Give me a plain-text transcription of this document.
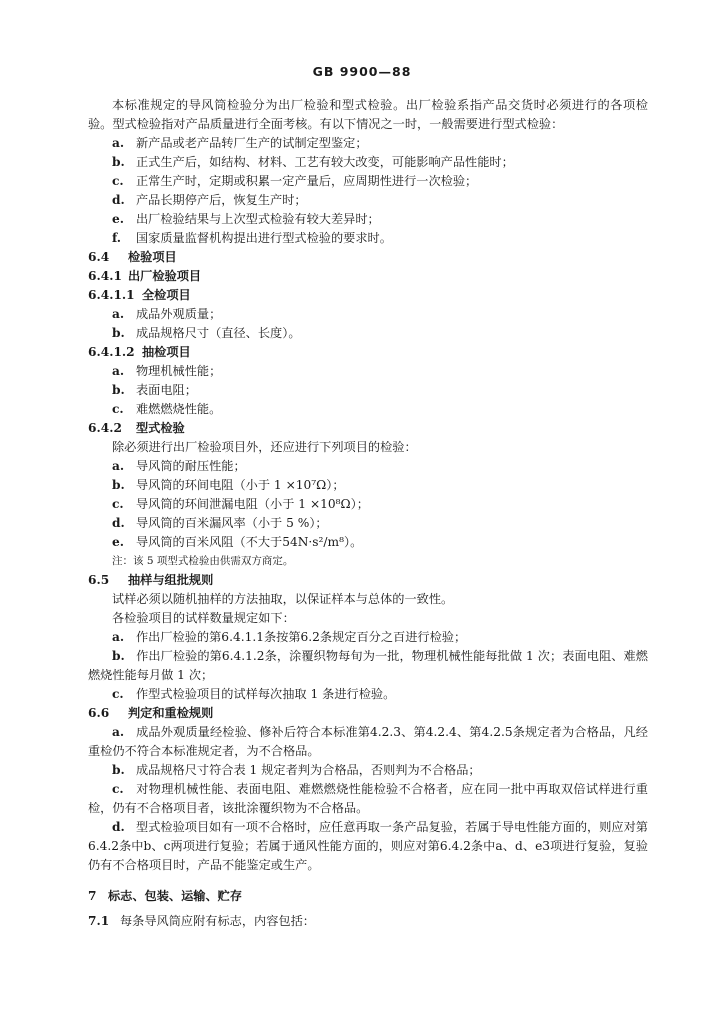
GB 9900—88
本标准规定的导风筒检验分为出厂检验和型式检验。出厂检验系指产品交货时必须进行的各项检验。型式检验指对产品质量进行全面考核。有以下情况之一时，一般需要进行型式检验：
a. 新产品或老产品转厂生产的试制定型鉴定；
b. 正式生产后，如结构、材料、工艺有较大改变，可能影响产品性能时；
c. 正常生产时，定期或积累一定产量后，应周期性进行一次检验；
d. 产品长期停产后，恢复生产时；
e. 出厂检验结果与上次型式检验有较大差异时；
f. 国家质量监督机构提出进行型式检验的要求时。
6.4 检验项目
6.4.1 出厂检验项目
6.4.1.1 全检项目
a. 成品外观质量；
b. 成品规格尺寸（直径、长度）。
6.4.1.2 抽检项目
a. 物理机械性能；
b. 表面电阻；
c. 难燃燃烧性能。
6.4.2 型式检验
除必须进行出厂检验项目外，还应进行下列项目的检验：
a. 导风筒的耐压性能；
b. 导风筒的环间电阻（小于 1 ×10⁷Ω）；
c. 导风筒的环间泄漏电阻（小于 1 ×10⁸Ω）；
d. 导风筒的百米漏风率（小于 5 %）；
e. 导风筒的百米风阻（不大于54N·s²/m⁸）。
注：该 5 项型式检验由供需双方商定。
6.5 抽样与组批规则
试样必须以随机抽样的方法抽取，以保证样本与总体的一致性。
各检验项目的试样数量规定如下：
a. 作出厂检验的第6.4.1.1条按第6.2条规定百分之百进行检验；
b. 作出厂检验的第6.4.1.2条，涂覆织物每旬为一批，物理机械性能每批做 1 次；表面电阻、难燃燃烧性能每月做 1 次；
c. 作型式检验项目的试样每次抽取 1 条进行检验。
6.6 判定和重检规则
a. 成品外观质量经检验、修补后符合本标准第4.2.3、第4.2.4、第4.2.5条规定者为合格品，凡经重检仍不符合本标准规定者，为不合格品。
b. 成品规格尺寸符合表 1 规定者判为合格品，否则判为不合格品；
c. 对物理机械性能、表面电阻、难燃燃烧性能检验不合格者，应在同一批中再取双倍试样进行重检，仍有不合格项目者，该批涂覆织物为不合格品。
d. 型式检验项目如有一项不合格时，应任意再取一条产品复验，若属于导电性能方面的，则应对第6.4.2条中b、c两项进行复验；若属于通风性能方面的，则应对第6.4.2条中a、d、e3项进行复验，复验仍有不合格项目时，产品不能鉴定或生产。
7 标志、包装、运输、贮存
7.1 每条导风筒应附有标志，内容包括：
